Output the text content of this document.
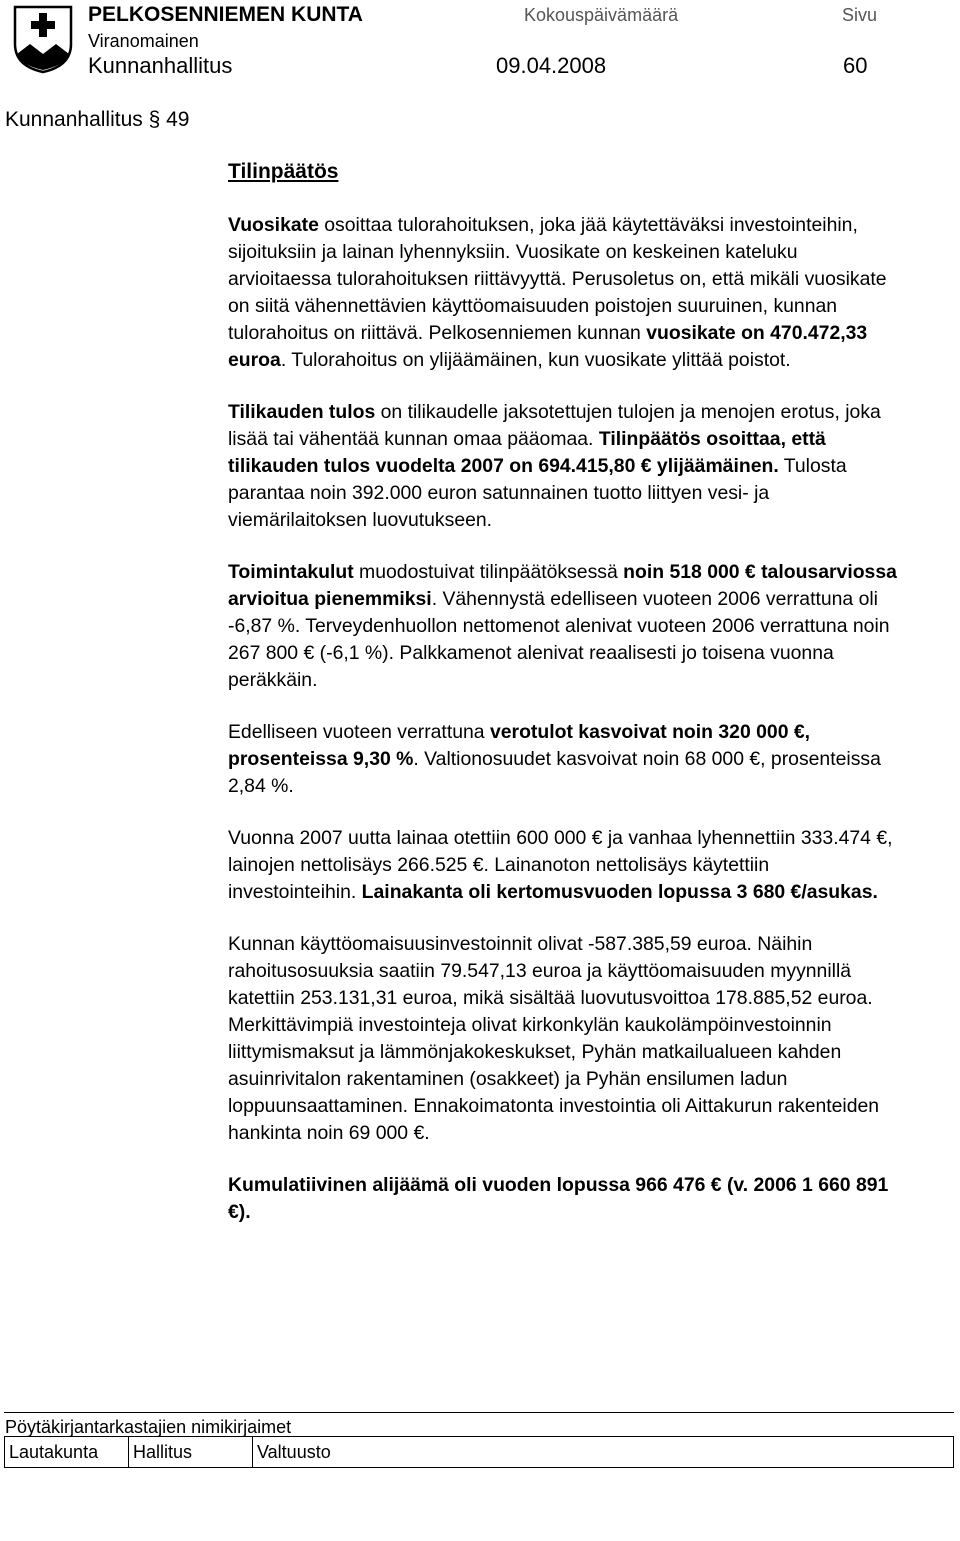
PELKOSENNIEMEN KUNTA
Viranomainen
Kunnanhallitus
Kokouspäivämäärä
09.04.2008
Sivu
60
Kunnanhallitus § 49
Tilinpäätös

Vuosikate osoittaa tulorahoituksen, joka jää käytettäväksi investointeihin, sijoituksiin ja lainan lyhennyksiin. Vuosikate on keskeinen kateluku arvioitaessa tulorahoituksen riittävyyttä. Perusoletus on, että mikäli vuosikate on siitä vähennettävien käyttöomaisuuden poistojen suuruinen, kunnan tulorahoitus on riittävä. Pelkosenniemen kunnan vuosikate on 470.472,33 euroa. Tulorahoitus on ylijäämäinen, kun vuosikate ylittää poistot.

Tilikauden tulos on tilikaudelle jaksotettujen tulojen ja menojen erotus, joka lisää tai vähentää kunnan omaa pääomaa. Tilinpäätös osoittaa, että tilikauden tulos vuodelta 2007 on 694.415,80 € ylijäämäinen. Tulosta parantaa noin 392.000 euron satunnainen tuotto liittyen vesi- ja viemärilaitoksen luovutukseen.

Toimintakulut muodostuivat tilinpäätöksessä noin 518 000 € talousarviossa arvioitua pienemmiksi. Vähennystä edelliseen vuoteen 2006 verrattuna oli -6,87 %. Terveydenhuollon nettomenot alenivat vuoteen 2006 verrattuna noin 267 800 € (-6,1 %). Palkkamenot alenivat reaalisesti jo toisena vuonna peräkkäin.

Edelliseen vuoteen verrattuna verotulot kasvoivat noin 320 000 €, prosenteissa 9,30 %. Valtionosuudet kasvoivat noin 68 000 €, prosenteissa 2,84 %.

Vuonna 2007 uutta lainaa otettiin 600 000 € ja vanhaa lyhennettiin 333.474 €, lainojen nettolisäys 266.525 €. Lainanoton nettolisäys käytettiin investointeihin. Lainakanta oli kertomusvuoden lopussa 3 680 €/asukas.

Kunnan käyttöomaisuusinvestoinnit olivat -587.385,59 euroa. Näihin rahoitusosuuksia saatiin 79.547,13 euroa ja käyttöomaisuuden myynnillä katettiin 253.131,31 euroa, mikä sisältää luovutusvoittoa 178.885,52 euroa. Merkittävimpiä investointeja olivat kirkonkylän kaukolämpöinvestoinnin liittymismaksut ja lämmönjakokeskukset, Pyhän matkailualueen kahden asuinrivitalon rakentaminen (osakkeet) ja Pyhän ensilumen ladun loppuunsaattaminen. Ennakoimatonta investointia oli Aittakurun rakenteiden hankinta noin 69 000 €.

Kumulatiivinen alijäämä oli vuoden lopussa 966 476 € (v. 2006 1 660 891 €).

Pöytäkirjantarkastajien nimikirjaimet
Lautakunta	Hallitus	Valtuusto
